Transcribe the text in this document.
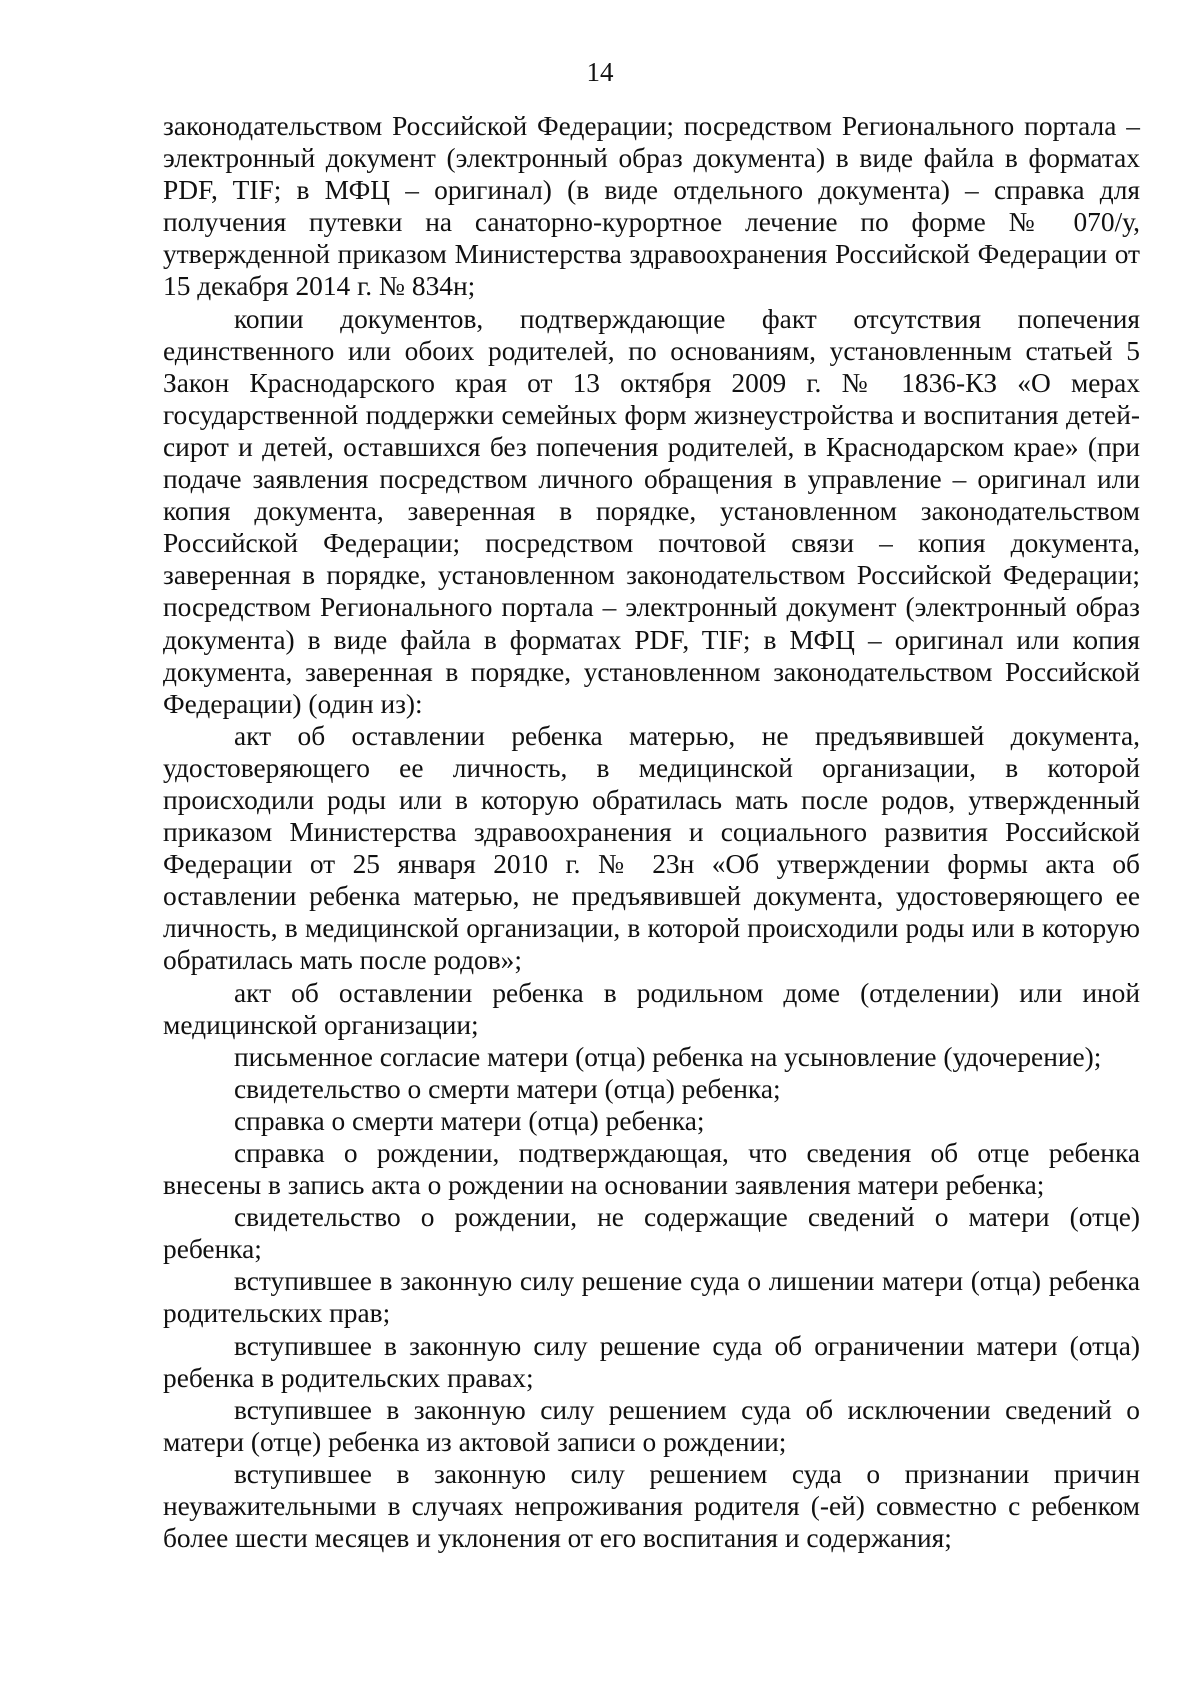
14

законодательством Российской Федерации; посредством Регионального портала – электронный документ (электронный образ документа) в виде файла в форматах PDF, TIF; в МФЦ – оригинал) (в виде отдельного документа) – справка для получения путевки на санаторно-курортное лечение по форме № 070/у, утвержденной приказом Министерства здравоохранения Российской Федерации от 15 декабря 2014 г. № 834н;

копии документов, подтверждающие факт отсутствия попечения единственного или обоих родителей, по основаниям, установленным статьей 5 Закон Краснодарского края от 13 октября 2009 г. № 1836-КЗ «О мерах государственной поддержки семейных форм жизнеустройства и воспитания детей-сирот и детей, оставшихся без попечения родителей, в Краснодарском крае» (при подаче заявления посредством личного обращения в управление – оригинал или копия документа, заверенная в порядке, установленном законодательством Российской Федерации; посредством почтовой связи – копия документа, заверенная в порядке, установленном законодательством Российской Федерации; посредством Регионального портала – электронный документ (электронный образ документа) в виде файла в форматах PDF, TIF; в МФЦ – оригинал или копия документа, заверенная в порядке, установленном законодательством Российской Федерации) (один из):

акт об оставлении ребенка матерью, не предъявившей документа, удостоверяющего ее личность, в медицинской организации, в которой происходили роды или в которую обратилась мать после родов, утвержденный приказом Министерства здравоохранения и социального развития Российской Федерации от 25 января 2010 г. № 23н «Об утверждении формы акта об оставлении ребенка матерью, не предъявившей документа, удостоверяющего ее личность, в медицинской организации, в которой происходили роды или в которую обратилась мать после родов»;

акт об оставлении ребенка в родильном доме (отделении) или иной медицинской организации;

письменное согласие матери (отца) ребенка на усыновление (удочерение);

свидетельство о смерти матери (отца) ребенка;

справка о смерти матери (отца) ребенка;

справка о рождении, подтверждающая, что сведения об отце ребенка внесены в запись акта о рождении на основании заявления матери ребенка;

свидетельство о рождении, не содержащие сведений о матери (отце) ребенка;

вступившее в законную силу решение суда о лишении матери (отца) ребенка родительских прав;

вступившее в законную силу решение суда об ограничении матери (отца) ребенка в родительских правах;

вступившее в законную силу решением суда об исключении сведений о матери (отце) ребенка из актовой записи о рождении;

вступившее в законную силу решением суда о признании причин неуважительными в случаях непроживания родителя (-ей) совместно с ребенком более шести месяцев и уклонения от его воспитания и содержания;
